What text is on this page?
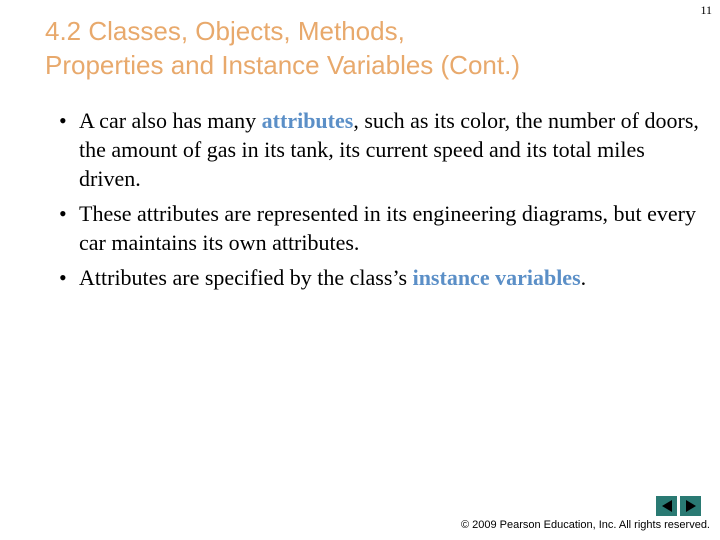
11
4.2 Classes, Objects, Methods,
Properties and Instance Variables (Cont.)
• A car also has many attributes, such as its color, the number of doors, the amount of gas in its tank, its current speed and its total miles driven.
• These attributes are represented in its engineering diagrams, but every car maintains its own attributes.
• Attributes are specified by the class’s instance variables.
© 2009 Pearson Education, Inc. All rights reserved.
